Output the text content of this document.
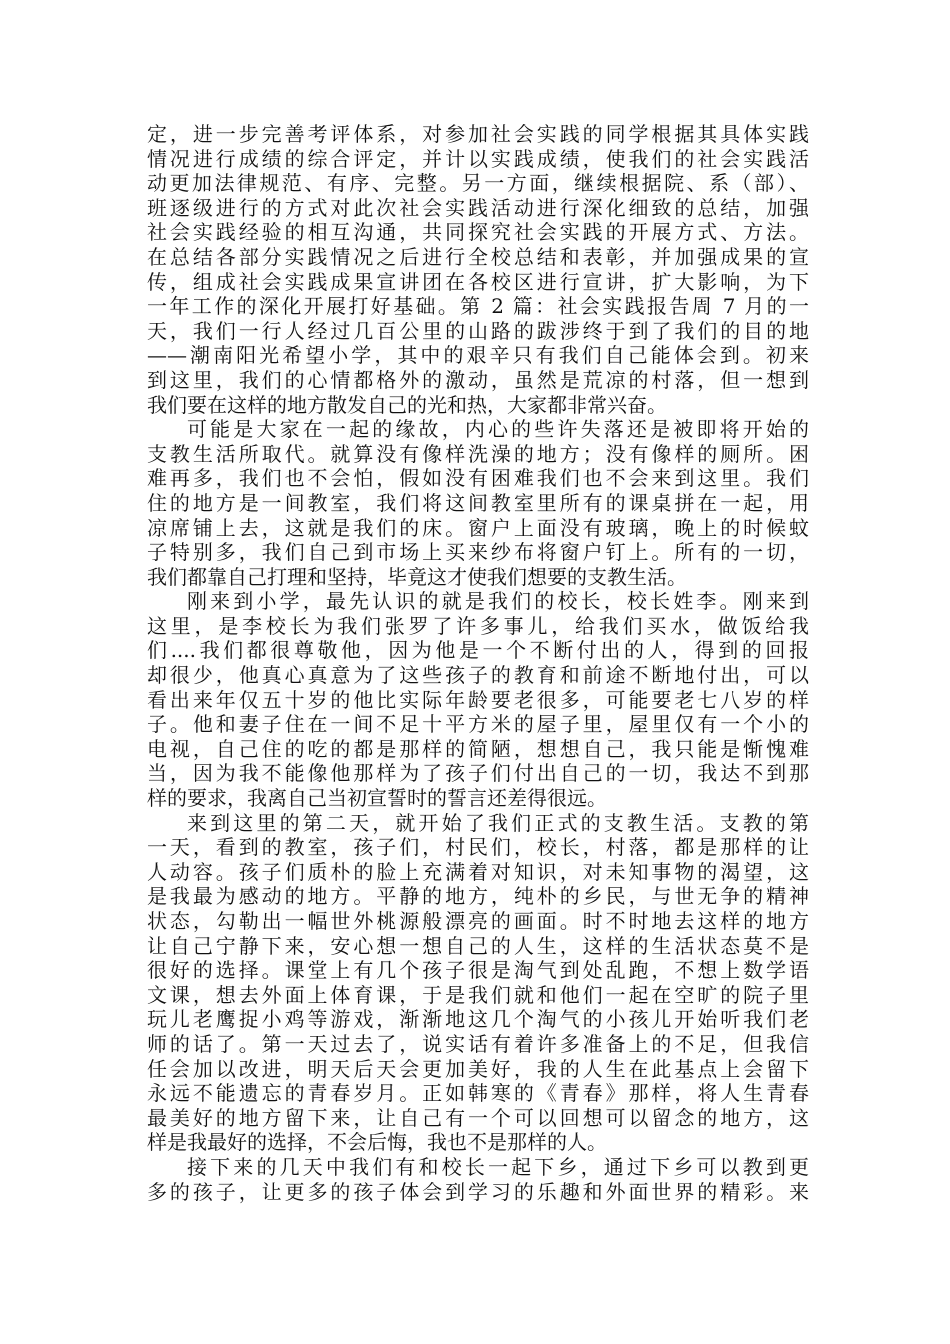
定，进一步完善考评体系，对参加社会实践的同学根据其具体实践
情况进行成绩的综合评定，并计以实践成绩，使我们的社会实践活
动更加法律规范、有序、完整。另一方面，继续根据院、系（部）、
班逐级进行的方式对此次社会实践活动进行深化细致的总结，加强
社会实践经验的相互沟通，共同探究社会实践的开展方式、方法。
在总结各部分实践情况之后进行全校总结和表彰，并加强成果的宣
传，组成社会实践成果宣讲团在各校区进行宣讲，扩大影响，为下
一年工作的深化开展打好基础。第 2 篇：社会实践报告周 7 月的一
天，我们一行人经过几百公里的山路的跋涉终于到了我们的目的地
——潮南阳光希望小学，其中的艰辛只有我们自己能体会到。初来
到这里，我们的心情都格外的激动，虽然是荒凉的村落，但一想到
我们要在这样的地方散发自己的光和热，大家都非常兴奋。
可能是大家在一起的缘故，内心的些许失落还是被即将开始的
支教生活所取代。就算没有像样洗澡的地方；没有像样的厕所。困
难再多，我们也不会怕，假如没有困难我们也不会来到这里。我们
住的地方是一间教室，我们将这间教室里所有的课桌拼在一起，用
凉席铺上去，这就是我们的床。窗户上面没有玻璃，晚上的时候蚊
子特别多，我们自己到市场上买来纱布将窗户钉上。所有的一切，
我们都靠自己打理和坚持，毕竟这才使我们想要的支教生活。
刚来到小学，最先认识的就是我们的校长，校长姓李。刚来到
这里，是李校长为我们张罗了许多事儿，给我们买水，做饭给我
们....我们都很尊敬他，因为他是一个不断付出的人，得到的回报
却很少，他真心真意为了这些孩子的教育和前途不断地付出，可以
看出来年仅五十岁的他比实际年龄要老很多，可能要老七八岁的样
子。他和妻子住在一间不足十平方米的屋子里，屋里仅有一个小的
电视，自己住的吃的都是那样的简陋，想想自己，我只能是惭愧难
当，因为我不能像他那样为了孩子们付出自己的一切，我达不到那
样的要求，我离自己当初宣誓时的誓言还差得很远。
来到这里的第二天，就开始了我们正式的支教生活。支教的第
一天，看到的教室，孩子们，村民们，校长，村落，都是那样的让
人动容。孩子们质朴的脸上充满着对知识，对未知事物的渴望，这
是我最为感动的地方。平静的地方，纯朴的乡民，与世无争的精神
状态，勾勒出一幅世外桃源般漂亮的画面。时不时地去这样的地方
让自己宁静下来，安心想一想自己的人生，这样的生活状态莫不是
很好的选择。课堂上有几个孩子很是淘气到处乱跑，不想上数学语
文课，想去外面上体育课，于是我们就和他们一起在空旷的院子里
玩儿老鹰捉小鸡等游戏，渐渐地这几个淘气的小孩儿开始听我们老
师的话了。第一天过去了，说实话有着许多准备上的不足，但我信
任会加以改进，明天后天会更加美好，我的人生在此基点上会留下
永远不能遗忘的青春岁月。正如韩寒的《青春》那样，将人生青春
最美好的地方留下来，让自己有一个可以回想可以留念的地方，这
样是我最好的选择，不会后悔，我也不是那样的人。
接下来的几天中我们有和校长一起下乡，通过下乡可以教到更
多的孩子，让更多的孩子体会到学习的乐趣和外面世界的精彩。来
